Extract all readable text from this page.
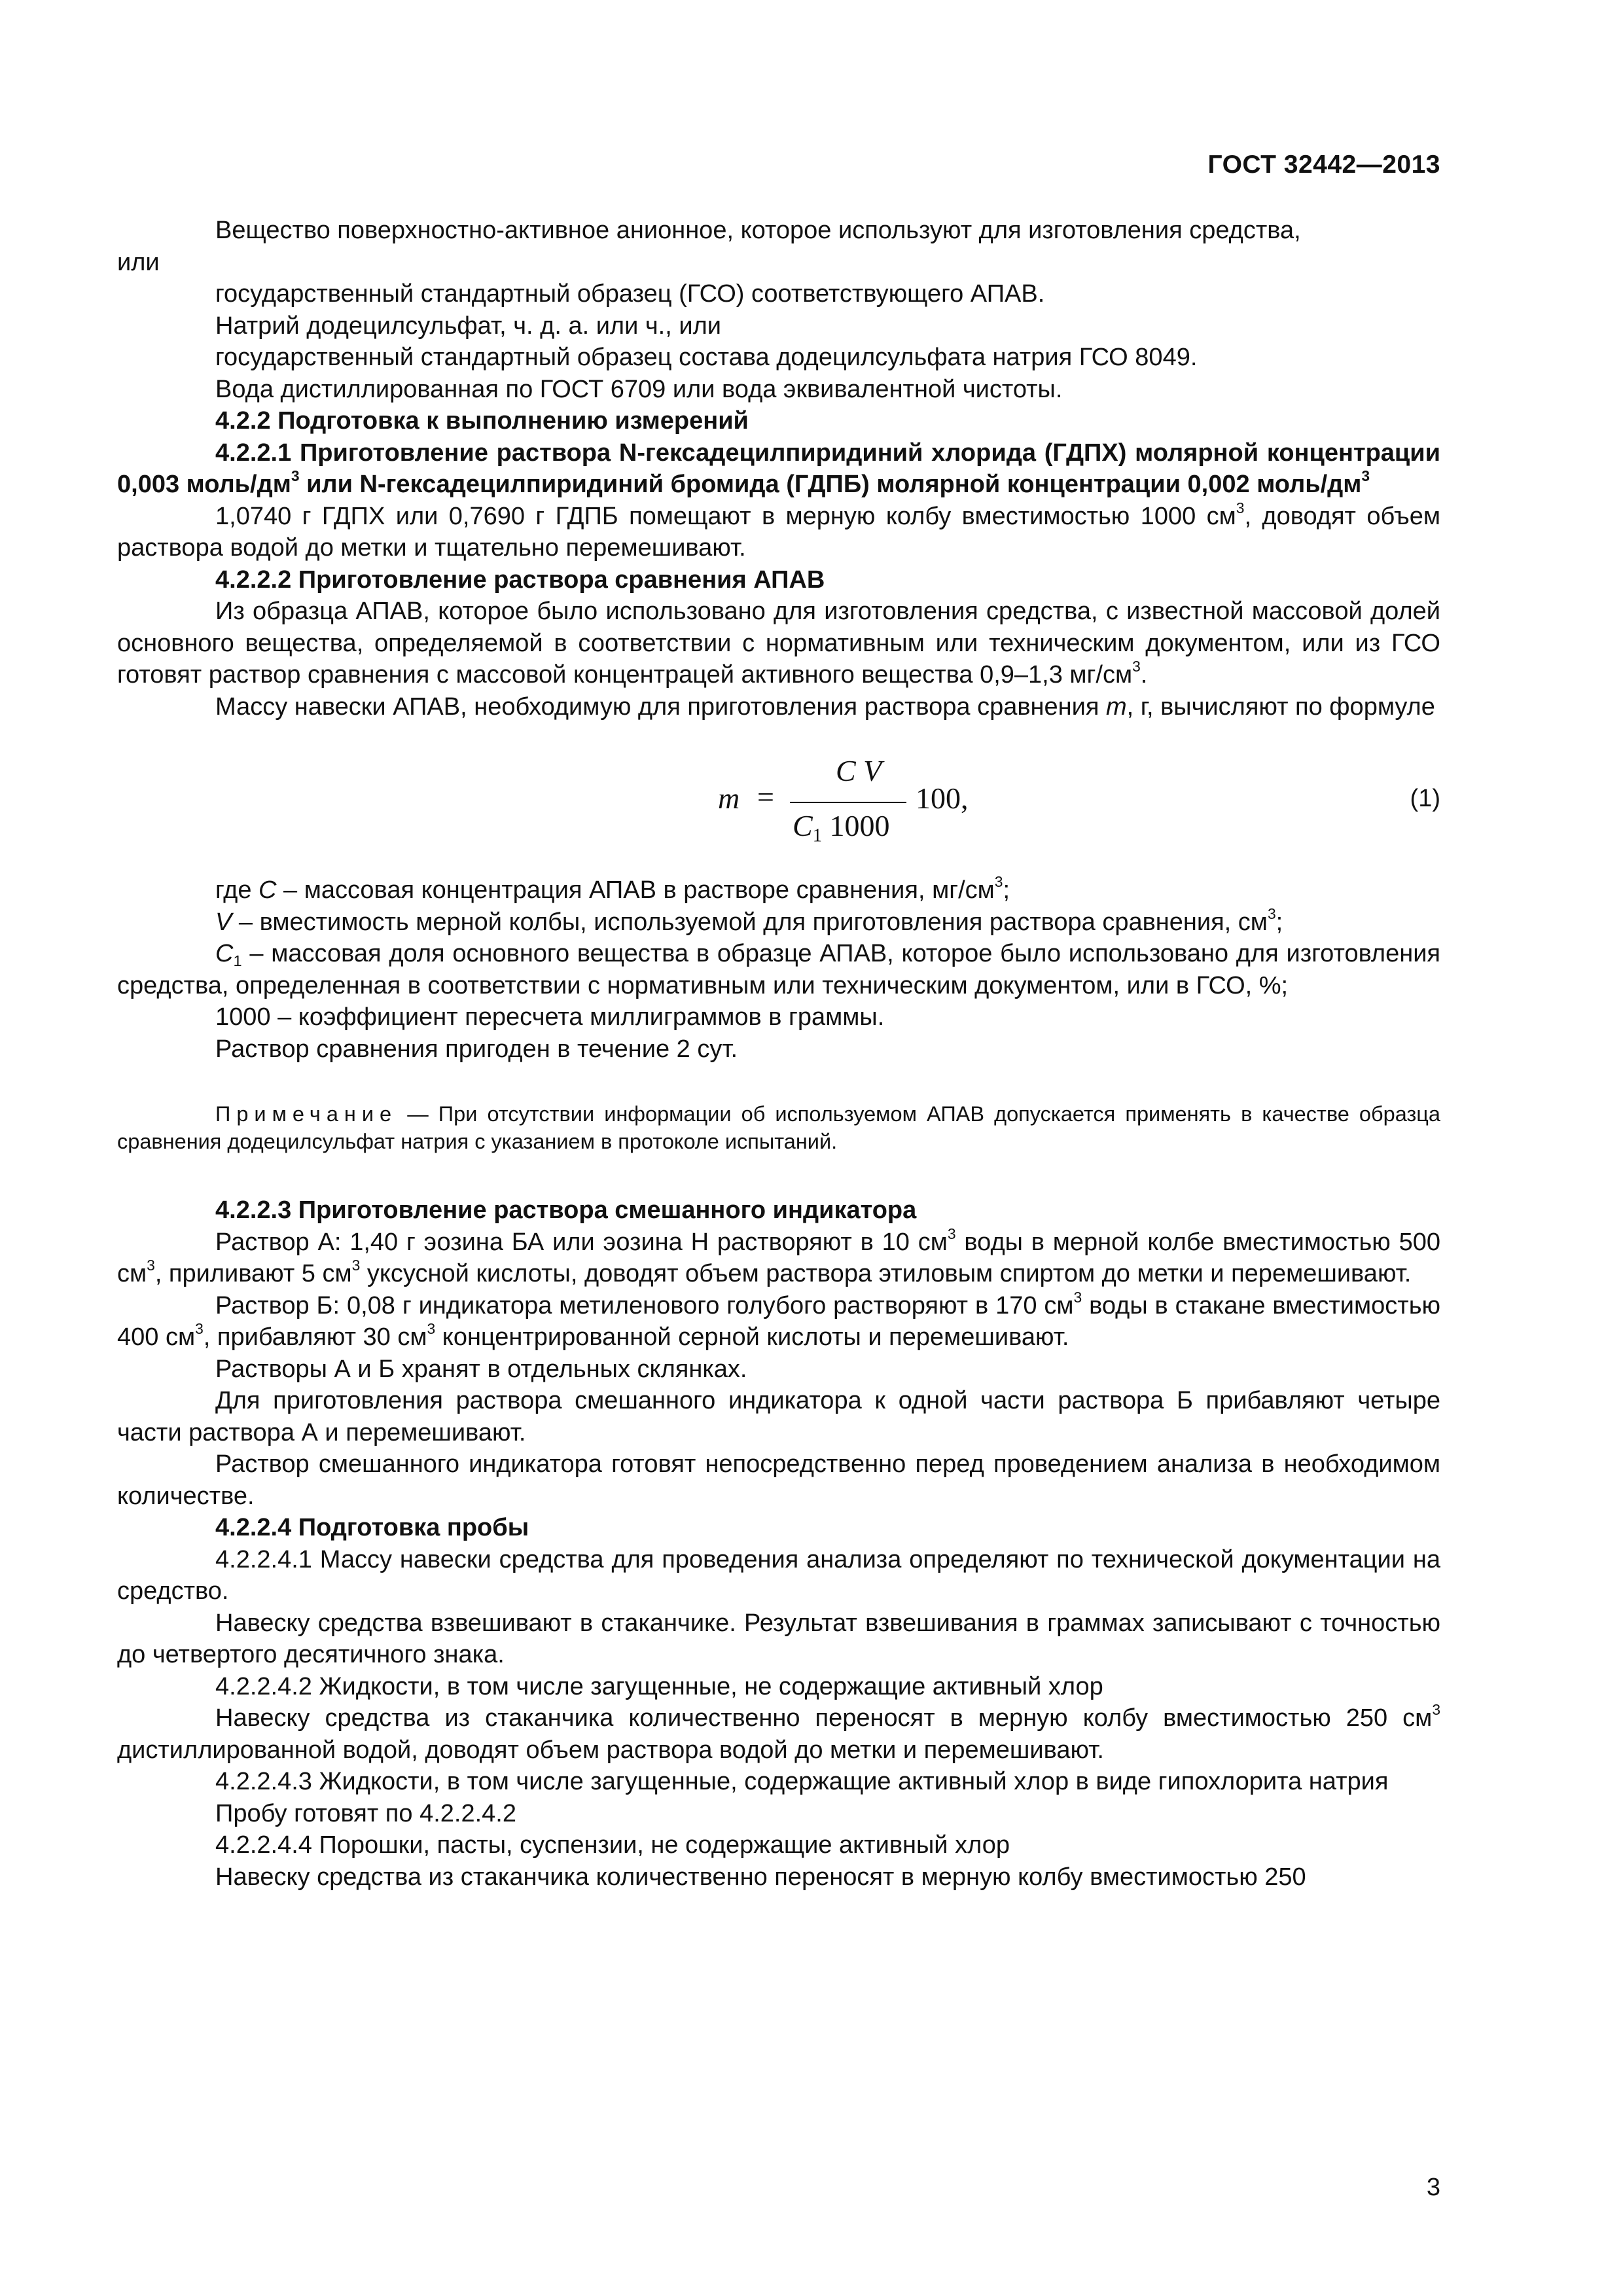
ГОСТ 32442—2013

Вещество поверхностно-активное анионное, которое используют для изготовления средства,

или

государственный стандартный образец (ГСО) соответствующего АПАВ.

Натрий додецилсульфат, ч. д. а. или ч., или

государственный стандартный образец состава додецилсульфата натрия ГСО 8049.

Вода дистиллированная по ГОСТ 6709 или вода эквивалентной чистоты.

4.2.2 Подготовка к выполнению измерений

4.2.2.1 Приготовление раствора N-гексадецилпиридиний хлорида (ГДПХ) молярной концентрации 0,003 моль/$дм^3$ или N-гексадецилпиридиний бромида (ГДПБ) молярной концентрации 0,002 моль/$дм^3$

1,0740 г ГДПХ или 0,7690 г ГДПБ помещают в мерную колбу вместимостью 1000 $см^3$, доводят объем раствора водой до метки и тщательно перемешивают.

4.2.2.2 Приготовление раствора сравнения АПАВ

Из образца АПАВ, которое было использовано для изготовления средства, с известной массовой долей основного вещества, определяемой в соответствии с нормативным или техническим документом, или из ГСО готовят раствор сравнения с массовой концентрацей активного вещества 0,9–1,3 $мг/см^3$.

Массу навески АПАВ, необходимую для приготовления раствора сравнения m, г, вычисляют по формуле

m =
C V
$C_1$ 1000
100,	(1)

где C – массовая концентрация АПАВ в растворе сравнения, $мг/см^3$;

V – вместимость мерной колбы, используемой для приготовления раствора сравнения, $см^3$;

$C_1$ – массовая доля основного вещества в образце АПАВ, которое было использовано для изготовления средства, определенная в соответствии с нормативным или техническим документом, или в ГСО, %;

1000 – коэффициент пересчета миллиграммов в граммы.

Раствор сравнения пригоден в течение 2 сут.

Примечание — При отсутствии информации об используемом АПАВ допускается применять в качестве образца сравнения додецилсульфат натрия с указанием в протоколе испытаний.

4.2.2.3 Приготовление раствора смешанного индикатора

Раствор А: 1,40 г эозина БА или эозина Н растворяют в 10 $см^3$ воды в мерной колбе вместимостью 500 $см^3$, приливают 5 $см^3$ уксусной кислоты, доводят объем раствора этиловым спиртом до метки и перемешивают.

Раствор Б: 0,08 г индикатора метиленового голубого растворяют в 170 $см^3$ воды в стакане вместимостью 400 $см^3$, прибавляют 30 $см^3$ концентрированной серной кислоты и перемешивают.

Растворы А и Б хранят в отдельных склянках.

Для приготовления раствора смешанного индикатора к одной части раствора Б прибавляют четыре части раствора А и перемешивают.

Раствор смешанного индикатора готовят непосредственно перед проведением анализа в необходимом количестве.

4.2.2.4 Подготовка пробы

4.2.2.4.1 Массу навески средства для проведения анализа определяют по технической документации на средство.

Навеску средства взвешивают в стаканчике. Результат взвешивания в граммах записывают с точностью до четвертого десятичного знака.

4.2.2.4.2 Жидкости, в том числе загущенные, не содержащие активный хлор

Навеску средства из стаканчика количественно переносят в мерную колбу вместимостью 250 $см^3$ дистиллированной водой, доводят объем раствора водой до метки и перемешивают.

4.2.2.4.3 Жидкости, в том числе загущенные, содержащие активный хлор в виде гипохлорита натрия

Пробу готовят по 4.2.2.4.2

4.2.2.4.4 Порошки, пасты, суспензии, не содержащие активный хлор

Навеску средства из стаканчика количественно переносят в мерную колбу вместимостью 250

3
